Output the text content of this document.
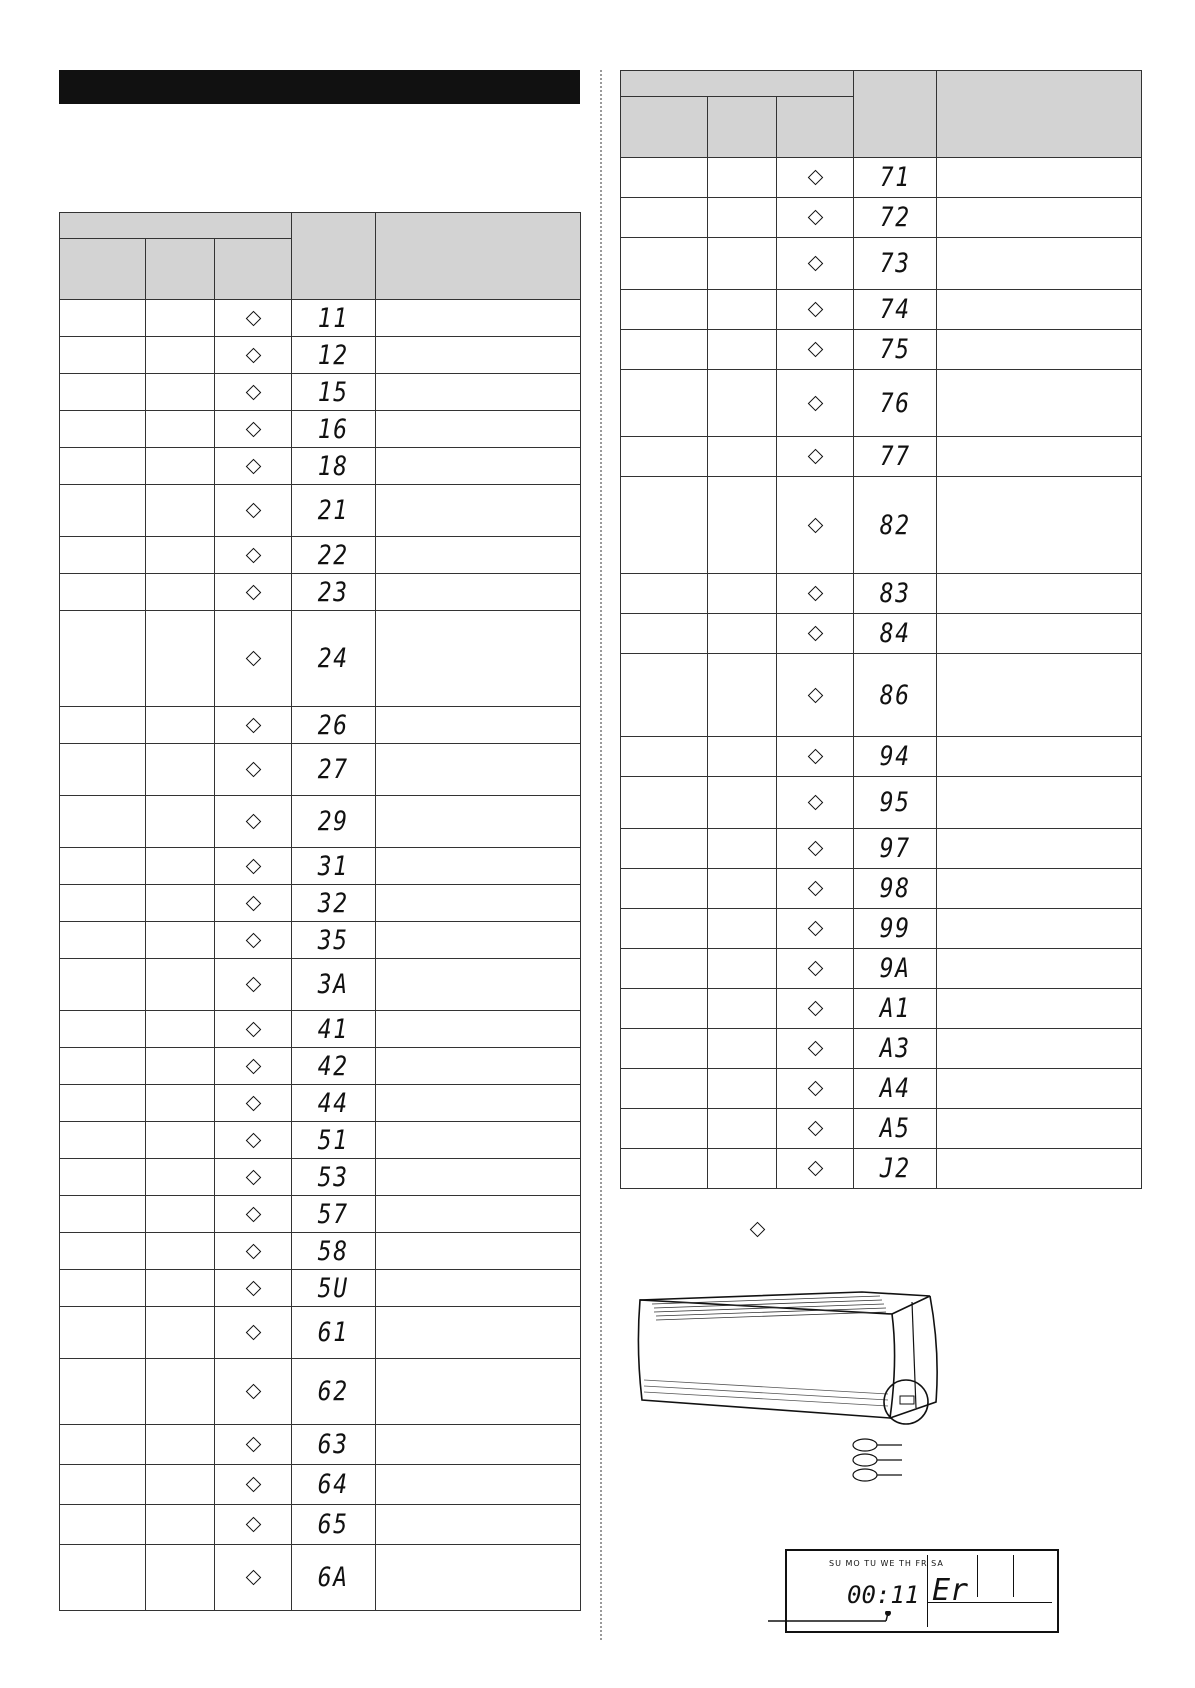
			11	
			12	
			15	
			16	
			18	
			21	
			22	
			23	
			24	
			26	
			27	
			29	
			31	
			32	
			35	
			3A	
			41	
			42	
			44	
			51	
			53	
			57	
			58	
			5U	
			61	
			62	
			63	
			64	
			65	
			6A	

			71	
			72	
			73	
			74	
			75	
			76	
			77	
			82	
			83	
			84	
			86	
			94	
			95	
			97	
			98	
			99	
			9A	
			A1	
			A3	
			A4	
			A5	
			J2	
SU MO TU WE TH FR SA
00:11 Er
